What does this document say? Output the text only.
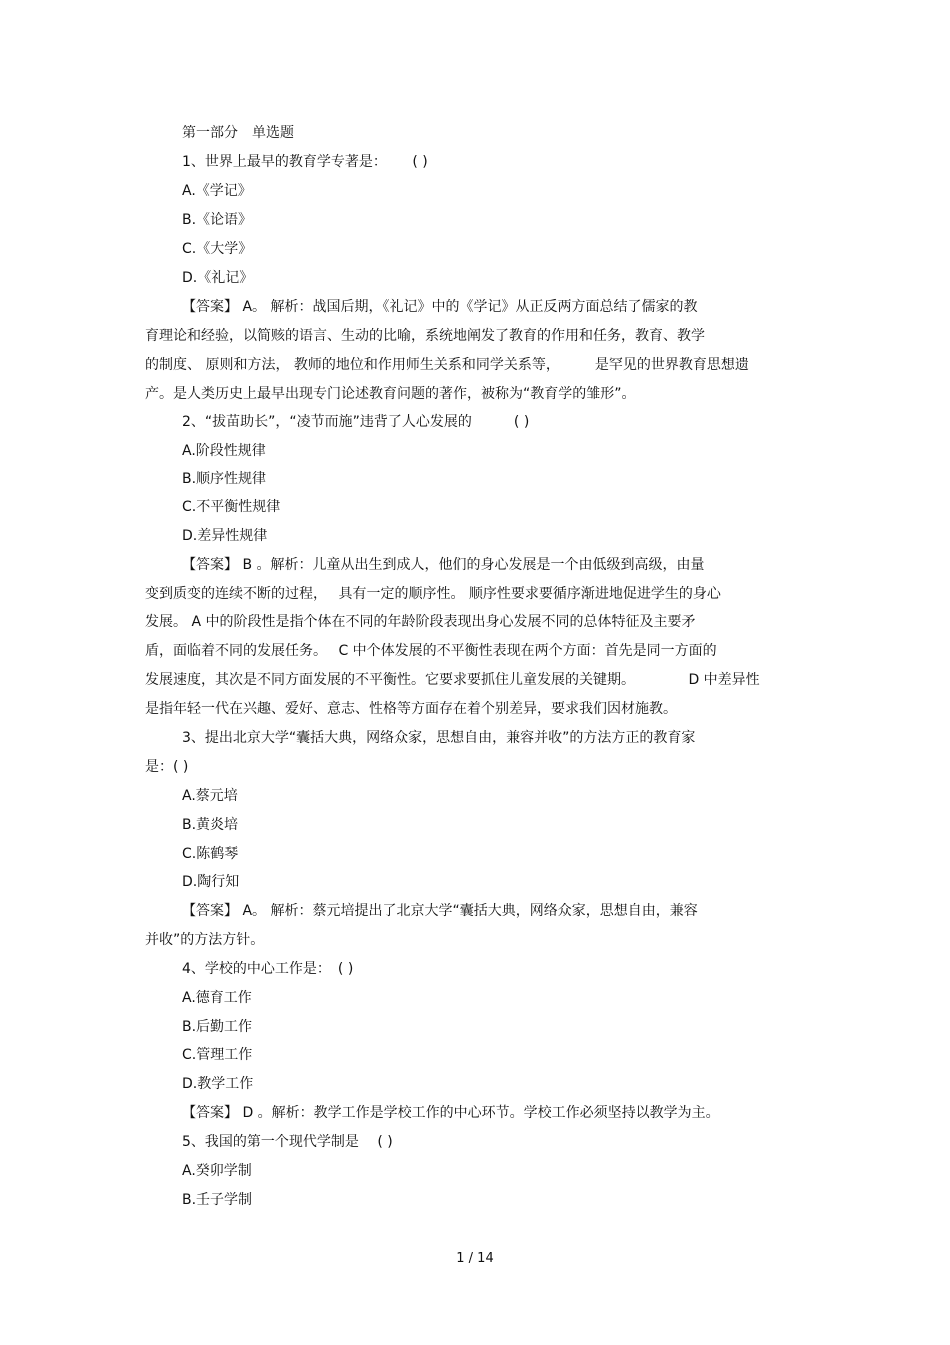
第一部分　单选题
1、世界上最早的教育学专著是：　　 ( )
A.《学记》
B.《论语》
C.《大学》
D.《礼记》
【答案】 A。 解析：战国后期，《礼记》中的《学记》从正反两方面总结了儒家的教
育理论和经验，以简赅的语言、生动的比喻，系统地阐发了教育的作用和任务，教育、教学
的制度、 原则和方法， 教师的地位和作用师生关系和同学关系等，　　　是罕见的世界教育思想遗
产。是人类历史上最早出现专门论述教育问题的著作，被称为“教育学的雏形”。
2、“拔苗助长”，“凌节而施”违背了人心发展的　　　( )
A.阶段性规律
B.顺序性规律
C.不平衡性规律
D.差异性规律
【答案】 B 。解析：儿童从出生到成人，他们的身心发展是一个由低级到高级，由量
变到质变的连续不断的过程，　 具有一定的顺序性。 顺序性要求要循序渐进地促进学生的身心
发展。 A 中的阶段性是指个体在不同的年龄阶段表现出身心发展不同的总体特征及主要矛
盾，面临着不同的发展任务。　 C 中个体发展的不平衡性表现在两个方面：首先是同一方面的
发展速度，其次是不同方面发展的不平衡性。它要求要抓住儿童发展的关键期。　　　　 D 中差异性
是指年轻一代在兴趣、爱好、意志、性格等方面存在着个别差异，要求我们因材施教。
3、提出北京大学“囊括大典，网络众家，思想自由，兼容并收”的方法方正的教育家
是：( )
A.蔡元培
B.黄炎培
C.陈鹤琴
D.陶行知
【答案】 A。 解析：蔡元培提出了北京大学“囊括大典，网络众家，思想自由，兼容
并收”的方法方针。
4、学校的中心工作是：　( )
A.德育工作
B.后勤工作
C.管理工作
D.教学工作
【答案】 D 。解析：教学工作是学校工作的中心环节。学校工作必须坚持以教学为主。
5、我国的第一个现代学制是　 ( )
A.癸卯学制
B.壬子学制
1 / 14
